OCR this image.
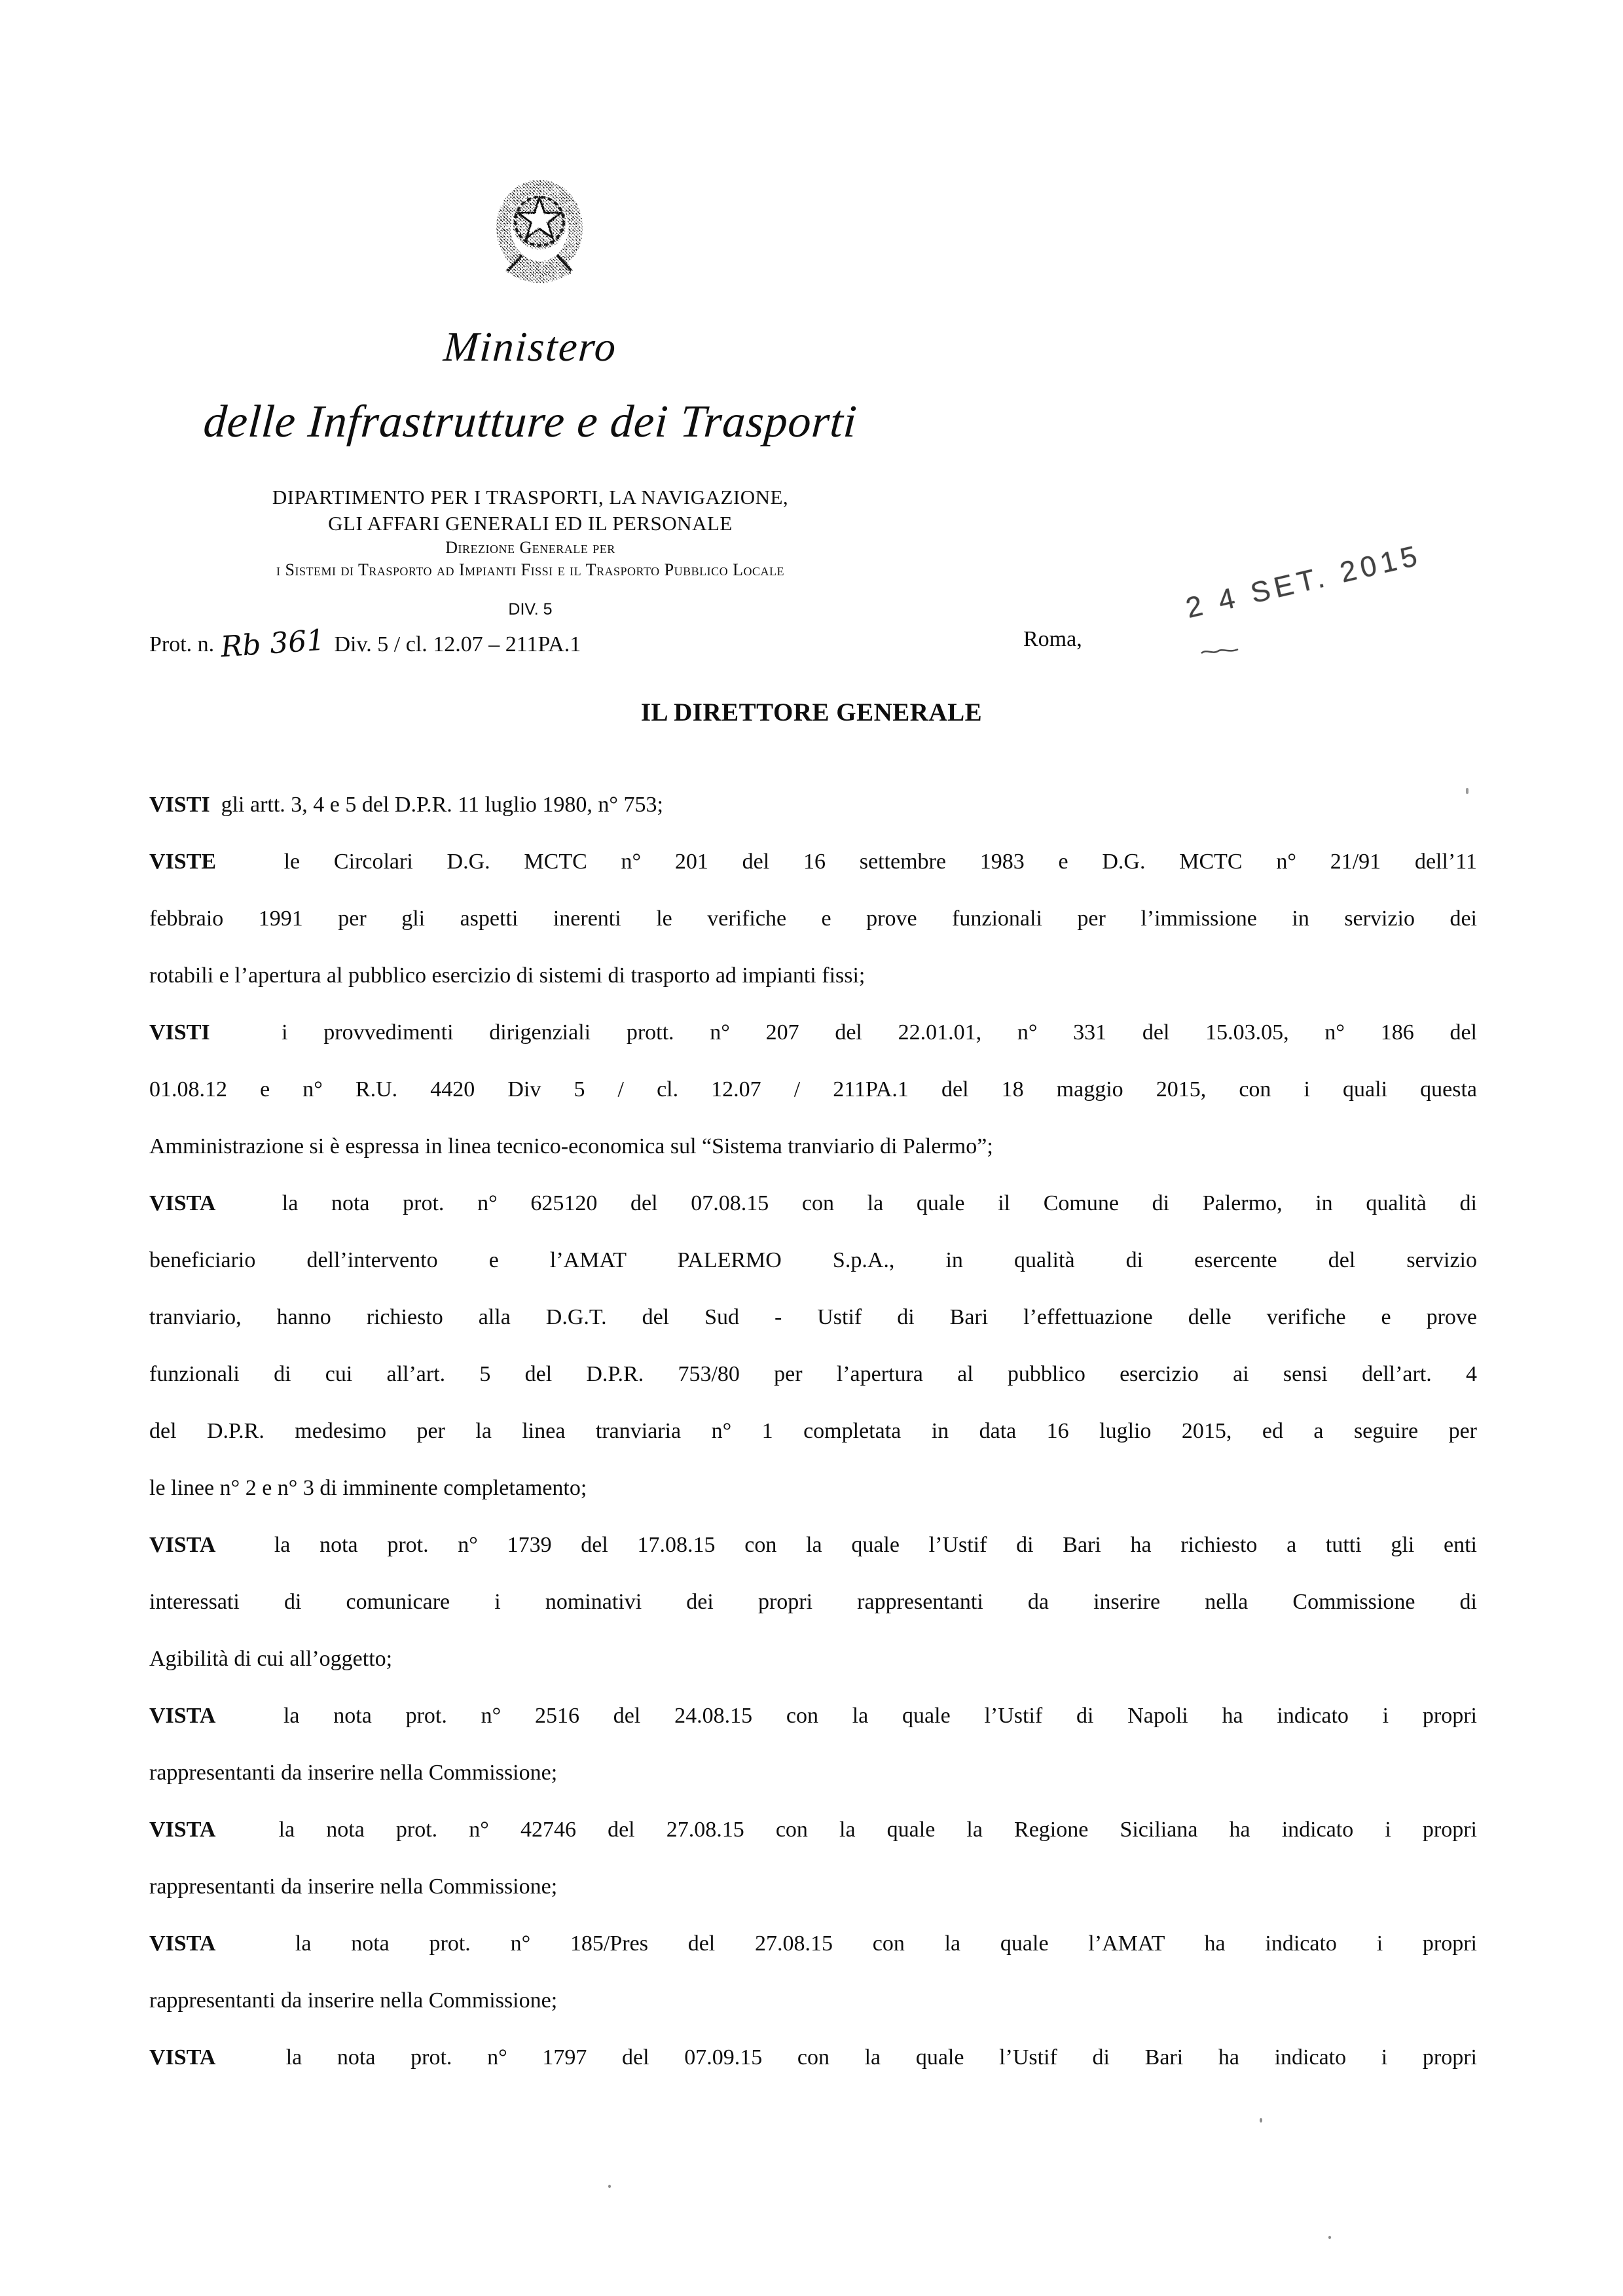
Ministero
delle Infrastrutture e dei Trasporti
DIPARTIMENTO PER I TRASPORTI, LA NAVIGAZIONE,
GLI AFFARI GENERALI ED IL PERSONALE
Direzione Generale per
i Sistemi di Trasporto ad Impianti Fissi e il Trasporto Pubblico Locale
DIV. 5
Prot. n. Rb 361 Div. 5 / cl. 12.07 – 211PA.1	Roma,
2 4 SET. 2015
IL DIRETTORE GENERALE
VISTI  gli artt. 3, 4 e 5 del D.P.R. 11 luglio 1980, n° 753;
VISTE  le Circolari D.G. MCTC n° 201 del 16 settembre 1983 e D.G. MCTC n° 21/91 dell’11
febbraio 1991 per gli aspetti inerenti le verifiche e prove funzionali per l’immissione in servizio dei
rotabili e l’apertura al pubblico esercizio di sistemi di trasporto ad impianti fissi;
VISTI  i provvedimenti dirigenziali prott. n° 207 del 22.01.01, n° 331 del 15.03.05, n° 186 del
01.08.12 e n° R.U. 4420 Div 5 / cl. 12.07 / 211PA.1 del 18 maggio 2015, con i quali questa
Amministrazione si è espressa in linea tecnico-economica sul “Sistema tranviario di Palermo”;
VISTA  la nota prot. n° 625120 del 07.08.15 con la quale il Comune di Palermo, in qualità di
beneficiario dell’intervento e l’AMAT PALERMO S.p.A., in qualità di esercente del servizio
tranviario, hanno richiesto alla D.G.T. del Sud - Ustif di Bari l’effettuazione delle verifiche e prove
funzionali di cui all’art. 5 del D.P.R. 753/80 per l’apertura al pubblico esercizio ai sensi dell’art. 4
del D.P.R. medesimo per la linea tranviaria n° 1 completata in data 16 luglio 2015, ed a seguire per
le linee n° 2 e n° 3 di imminente completamento;
VISTA  la nota prot. n° 1739 del 17.08.15 con la quale l’Ustif di Bari ha richiesto a tutti gli enti
interessati di comunicare i nominativi dei propri rappresentanti da inserire nella Commissione di
Agibilità di cui all’oggetto;
VISTA  la nota prot. n° 2516 del 24.08.15 con la quale l’Ustif di Napoli ha indicato i propri
rappresentanti da inserire nella Commissione;
VISTA  la nota prot. n° 42746 del 27.08.15 con la quale la Regione Siciliana ha indicato i propri
rappresentanti da inserire nella Commissione;
VISTA  la nota prot. n° 185/Pres del 27.08.15 con la quale l’AMAT ha indicato i propri
rappresentanti da inserire nella Commissione;
VISTA  la nota prot. n° 1797 del 07.09.15 con la quale l’Ustif di Bari ha indicato i propri
